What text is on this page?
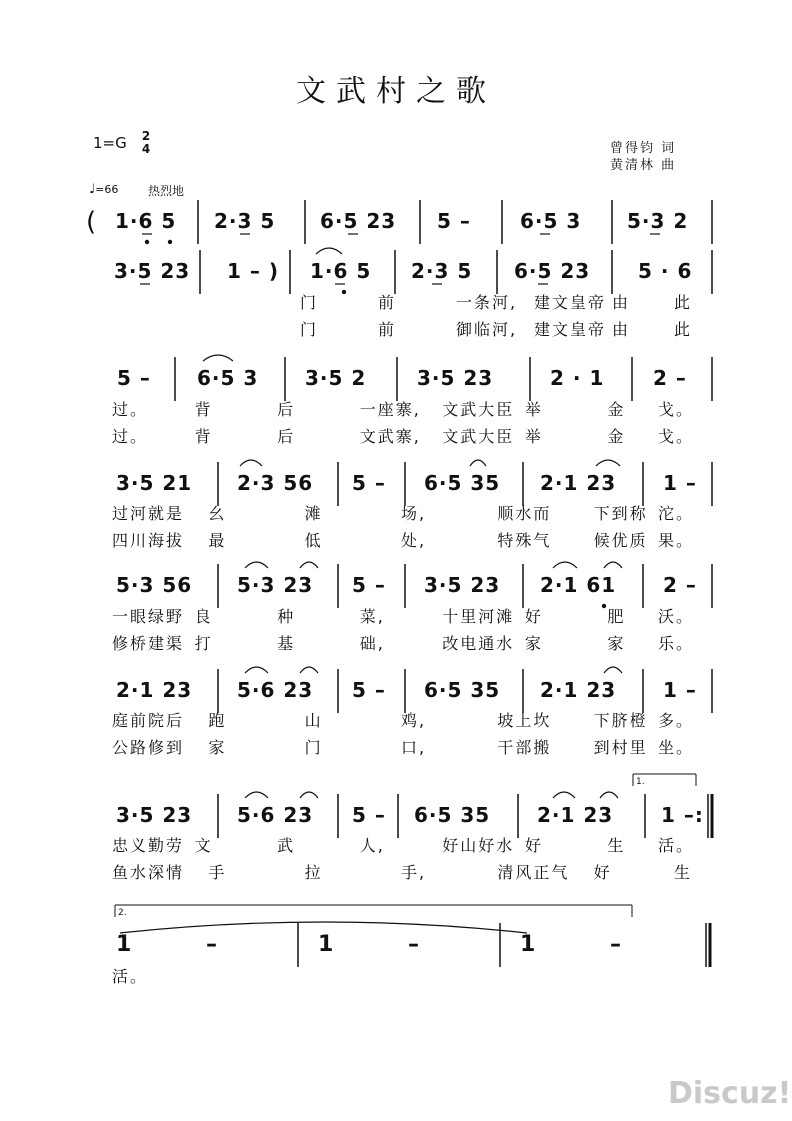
文武村之歌
1=G 2
4	曾得钧 词
黄清林 曲
♩=66 热烈地
( 1·6 5 2·3 5 6·5 23 5 – 6·5 3 5·3 2
3·5 23 1 – ) 1·6 5 2·3 5 6·5 23 5 · 6
门	前	一条河, 建文皇帝 由	此
门	前	御临河, 建文皇帝 由	此
5 – 6·5 3 3·5 2	3·5 23	2 · 1 2 –
过。	背	后	一座寨, 文武大臣 举	金 戈。
过。	背	后	文武寨, 文武大臣 举	金 戈。
3·5 21 2·3 56 5 – 6·5 35 2·1 23 1 –
过河就是 幺	滩	场,	顺水而	下到称 沱。
四川海拔 最	低	处,	特殊气	候优质 果。
5·3 56 5·3 23 5 – 3·5 23 2·1 61 2 –
一眼绿野 良	种	菜,	十里河滩 好	肥 沃。
修桥建渠 打	基	础,	改电通水 家	家 乐。
2·1 23 5·6 23 5 – 6·5 35 2·1 23 1 –
庭前院后 跑	山	鸡,	坡上坎	下脐橙 多。
公路修到 家	门	口,	干部搬	到村里 坐。
3·5 23 5·6 23 5 – 6·5 35 2·1 23 1 –:
1.
忠义勤劳 文	武	人,	好山好水 好	生 活。
鱼水深情 手	拉	手,	清风正气 好	生
1	–	1	–	1	–
2.
活。
Discuz!
